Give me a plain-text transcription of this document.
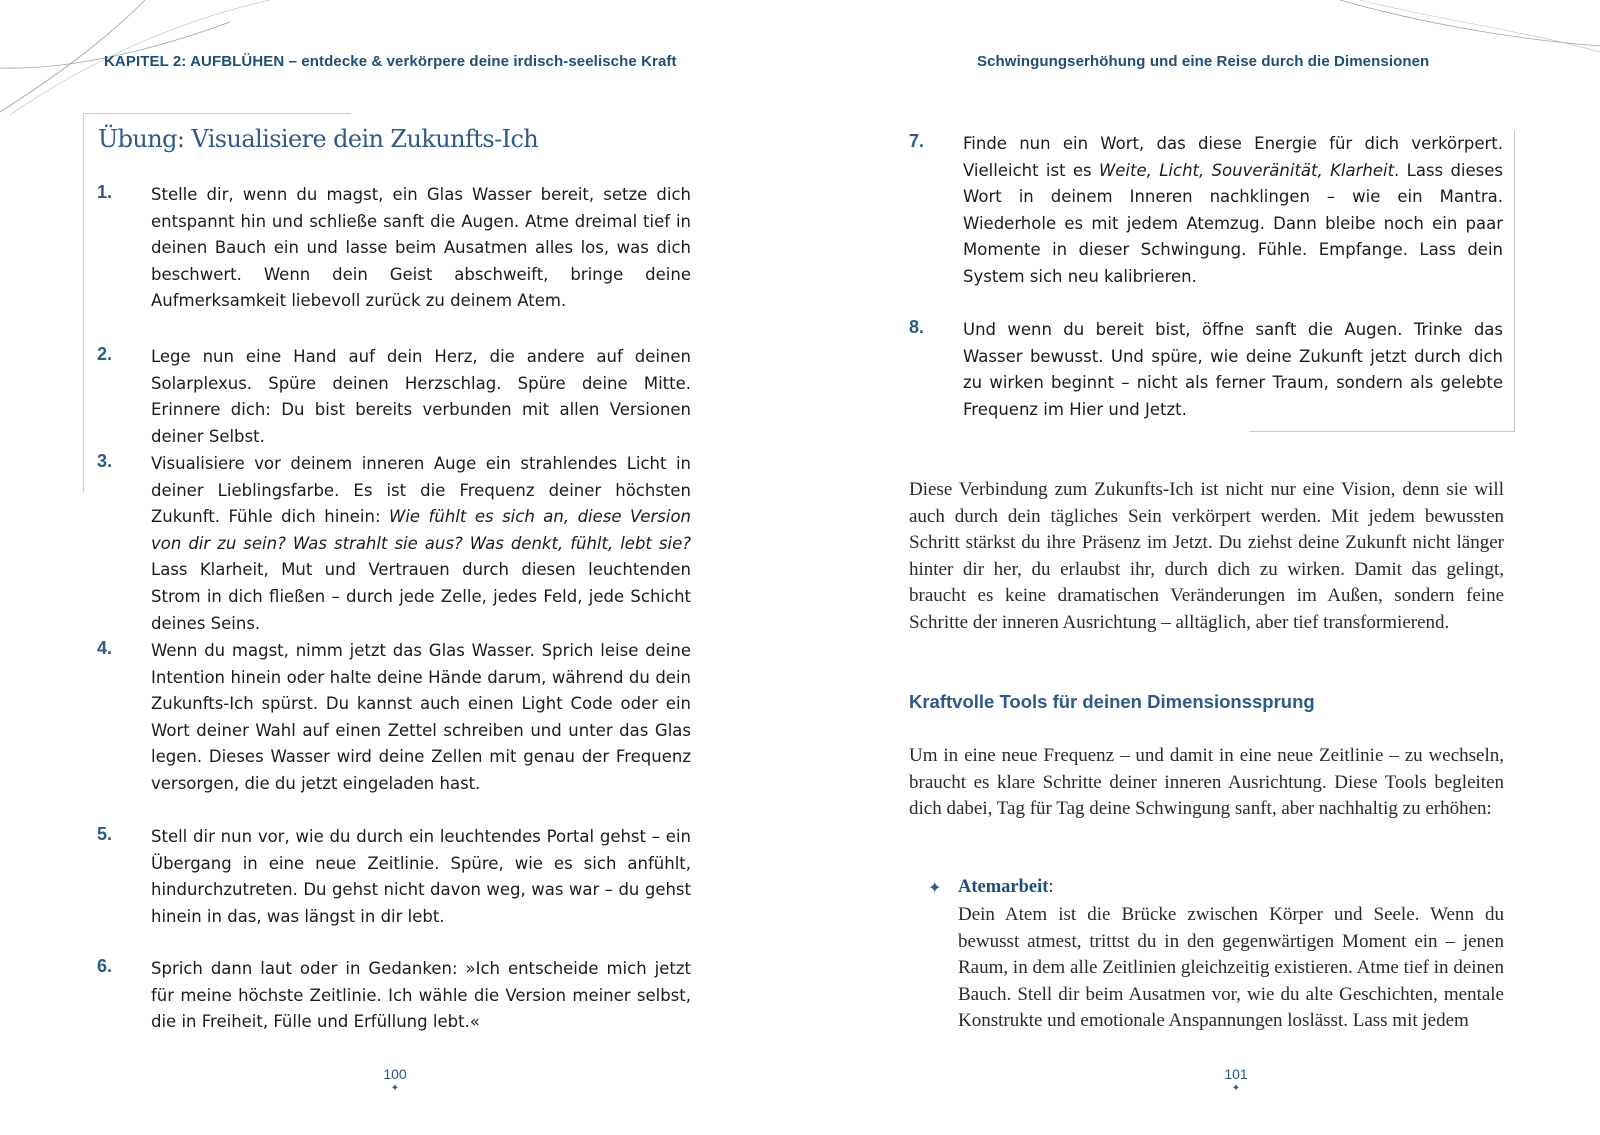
KAPITEL 2: AUFBLÜHEN – entdecke & verkörpere deine irdisch-seelische Kraft
Übung: Visualisiere dein Zukunfts-Ich
1. Stelle dir, wenn du magst, ein Glas Wasser bereit, setze dich entspannt hin und schließe sanft die Augen. Atme dreimal tief in deinen Bauch ein und lasse beim Ausatmen alles los, was dich beschwert. Wenn dein Geist abschweift, bringe deine Aufmerksamkeit liebevoll zurück zu deinem Atem.
2. Lege nun eine Hand auf dein Herz, die andere auf deinen Solarplexus. Spüre deinen Herzschlag. Spüre deine Mitte. Erinnere dich: Du bist bereits verbunden mit allen Versionen deiner Selbst.
3. Visualisiere vor deinem inneren Auge ein strahlendes Licht in deiner Lieblingsfarbe. Es ist die Frequenz deiner höchsten Zukunft. Fühle dich hinein: Wie fühlt es sich an, diese Version von dir zu sein? Was strahlt sie aus? Was denkt, fühlt, lebt sie? Lass Klarheit, Mut und Vertrauen durch diesen leuchtenden Strom in dich fließen – durch jede Zelle, jedes Feld, jede Schicht deines Seins.
4. Wenn du magst, nimm jetzt das Glas Wasser. Sprich leise deine Intention hinein oder halte deine Hände darum, während du dein Zukunfts-Ich spürst. Du kannst auch einen Light Code oder ein Wort deiner Wahl auf einen Zettel schreiben und unter das Glas legen. Dieses Wasser wird deine Zellen mit genau der Frequenz versorgen, die du jetzt eingeladen hast.
5. Stell dir nun vor, wie du durch ein leuchtendes Portal gehst – ein Übergang in eine neue Zeitlinie. Spüre, wie es sich anfühlt, hindurchzutreten. Du gehst nicht davon weg, was war – du gehst hinein in das, was längst in dir lebt.
6. Sprich dann laut oder in Gedanken: »Ich entscheide mich jetzt für meine höchste Zeitlinie. Ich wähle die Version meiner selbst, die in Freiheit, Fülle und Erfüllung lebt.«
100
✦
Schwingungserhöhung und eine Reise durch die Dimensionen
7. Finde nun ein Wort, das diese Energie für dich verkörpert. Vielleicht ist es Weite, Licht, Souveränität, Klarheit. Lass dieses Wort in deinem Inneren nachklingen – wie ein Mantra. Wiederhole es mit jedem Atemzug. Dann bleibe noch ein paar Momente in dieser Schwingung. Fühle. Empfange. Lass dein System sich neu kalibrieren.
8. Und wenn du bereit bist, öffne sanft die Augen. Trinke das Wasser bewusst. Und spüre, wie deine Zukunft jetzt durch dich zu wirken beginnt – nicht als ferner Traum, sondern als gelebte Frequenz im Hier und Jetzt.
Diese Verbindung zum Zukunfts-Ich ist nicht nur eine Vision, denn sie will auch durch dein tägliches Sein verkörpert werden. Mit jedem bewussten Schritt stärkst du ihre Präsenz im Jetzt. Du ziehst deine Zukunft nicht länger hinter dir her, du erlaubst ihr, durch dich zu wirken. Damit das gelingt, braucht es keine dramatischen Veränderungen im Außen, sondern feine Schritte der inneren Ausrichtung – alltäglich, aber tief transformierend.
Kraftvolle Tools für deinen Dimensionssprung
Um in eine neue Frequenz – und damit in eine neue Zeitlinie – zu wechseln, braucht es klare Schritte deiner inneren Ausrichtung. Diese Tools begleiten dich dabei, Tag für Tag deine Schwingung sanft, aber nachhaltig zu erhöhen:
✦ Atemarbeit:
Dein Atem ist die Brücke zwischen Körper und Seele. Wenn du bewusst atmest, trittst du in den gegenwärtigen Moment ein – jenen Raum, in dem alle Zeitlinien gleichzeitig existieren. Atme tief in deinen Bauch. Stell dir beim Ausatmen vor, wie du alte Geschichten, mentale Konstrukte und emotionale Anspannungen loslässt. Lass mit jedem
101
✦
